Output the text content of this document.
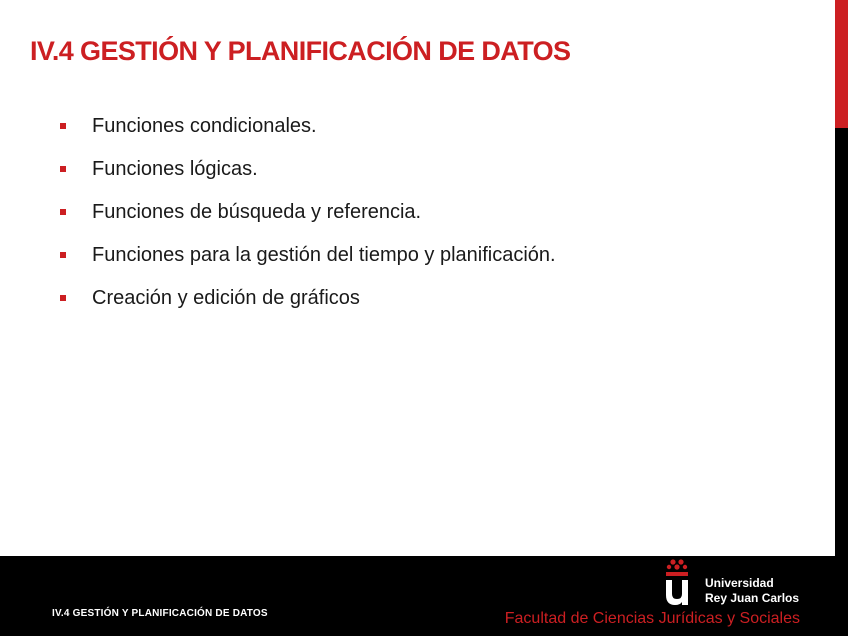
IV.4 GESTIÓN Y PLANIFICACIÓN DE DATOS
Funciones condicionales.
Funciones lógicas.
Funciones de búsqueda y referencia.
Funciones para la gestión del tiempo y planificación.
Creación y edición de gráficos
Universidad
Rey Juan Carlos
IV.4 GESTIÓN Y PLANIFICACIÓN DE DATOS	Facultad de Ciencias Jurídicas y Sociales
